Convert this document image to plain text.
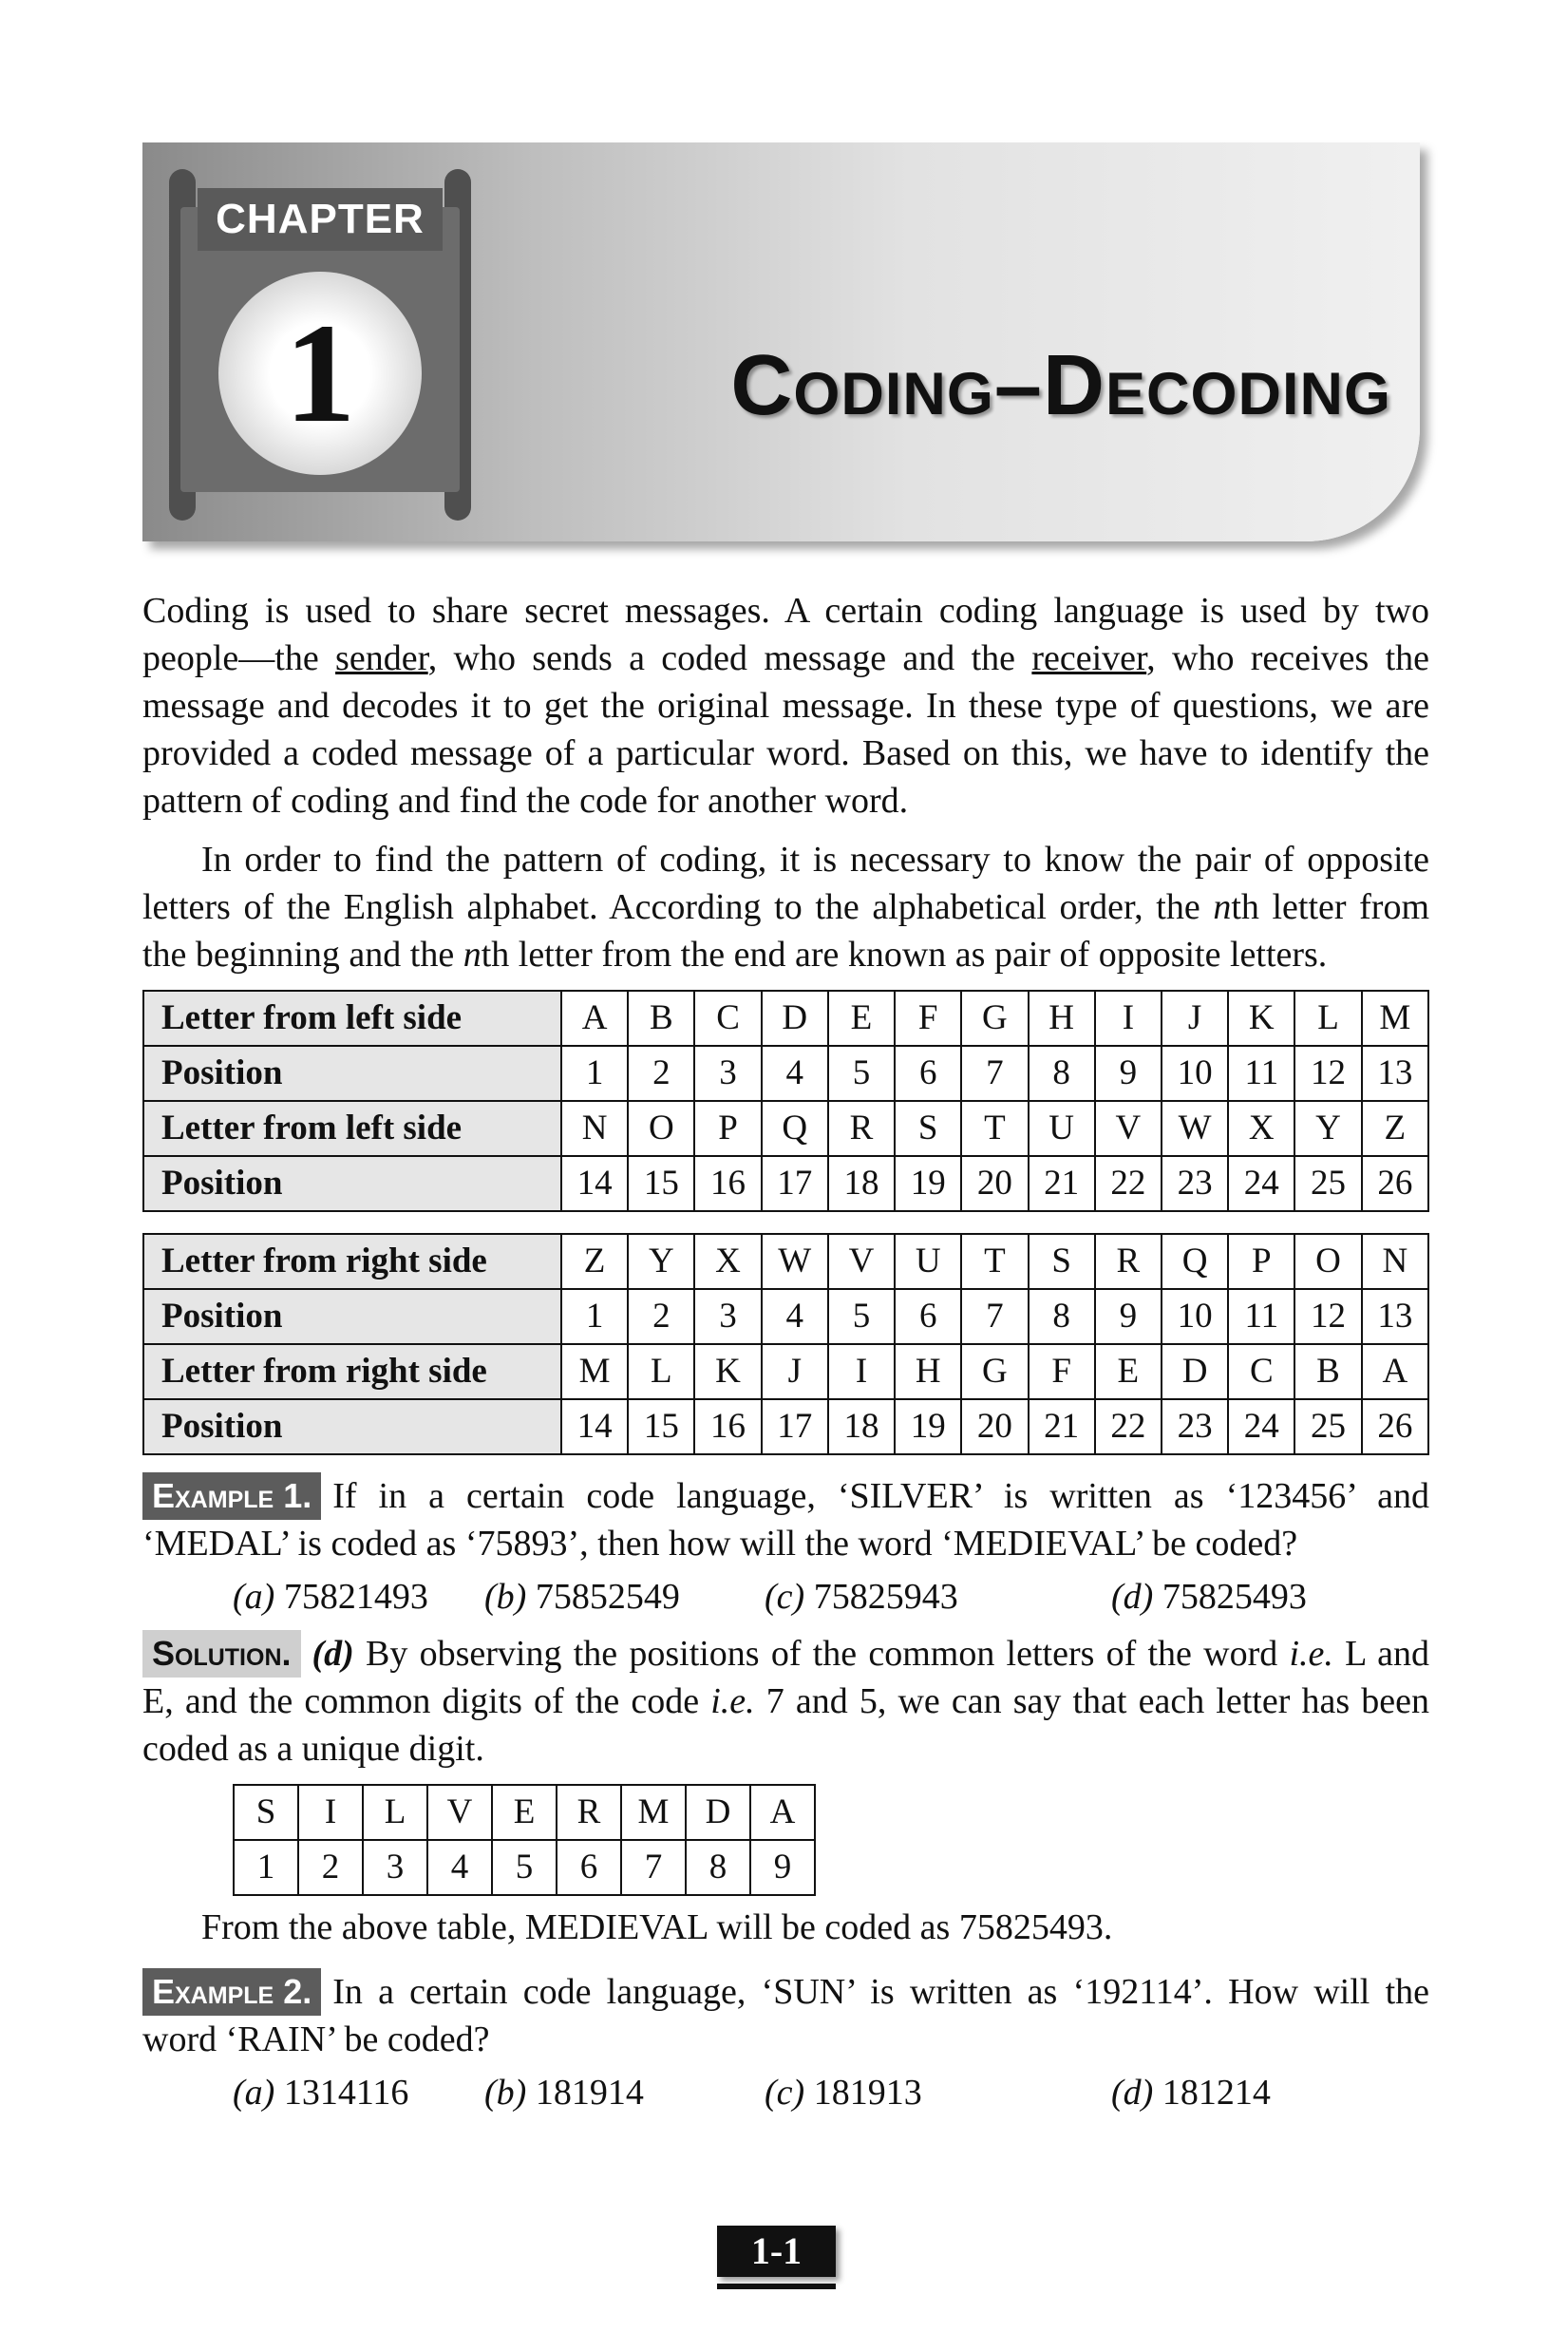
CHAPTER
1	Coding–Decoding

Coding is used to share secret messages. A certain coding language is used by two people—the sender, who sends a coded message and the receiver, who receives the message and decodes it to get the original message. In these type of questions, we are provided a coded message of a particular word. Based on this, we have to identify the pattern of coding and find the code for another word.

In order to find the pattern of coding, it is necessary to know the pair of opposite letters of the English alphabet. According to the alphabetical order, the nth letter from the beginning and the nth letter from the end are known as pair of opposite letters.

Letter from left side	A	B	C	D	E	F	G	H	I	J	K	L	M
Position	1	2	3	4	5	6	7	8	9	10	11	12	13
Letter from left side	N	O	P	Q	R	S	T	U	V	W	X	Y	Z
Position	14	15	16	17	18	19	20	21	22	23	24	25	26
Letter from right side	Z	Y	X	W	V	U	T	S	R	Q	P	O	N
Position	1	2	3	4	5	6	7	8	9	10	11	12	13
Letter from right side	M	L	K	J	I	H	G	F	E	D	C	B	A
Position	14	15	16	17	18	19	20	21	22	23	24	25	26

Example 1. If in a certain code language, ‘SILVER’ is written as ‘123456’ and ‘MEDAL’ is coded as ‘75893’, then how will the word ‘MEDIEVAL’ be coded?

(a) 75821493	(b) 75852549	(c) 75825943	(d) 75825493

Solution. (d) By observing the positions of the common letters of the word i.e. L and E, and the common digits of the code i.e. 7 and 5, we can say that each letter has been coded as a unique digit.

S	I	L	V	E	R	M	D	A
1	2	3	4	5	6	7	8	9

From the above table, MEDIEVAL will be coded as 75825493.

Example 2. In a certain code language, ‘SUN’ is written as ‘192114’. How will the word ‘RAIN’ be coded?

(a) 1314116	(b) 181914	(c) 181913	(d) 181214
1-1
